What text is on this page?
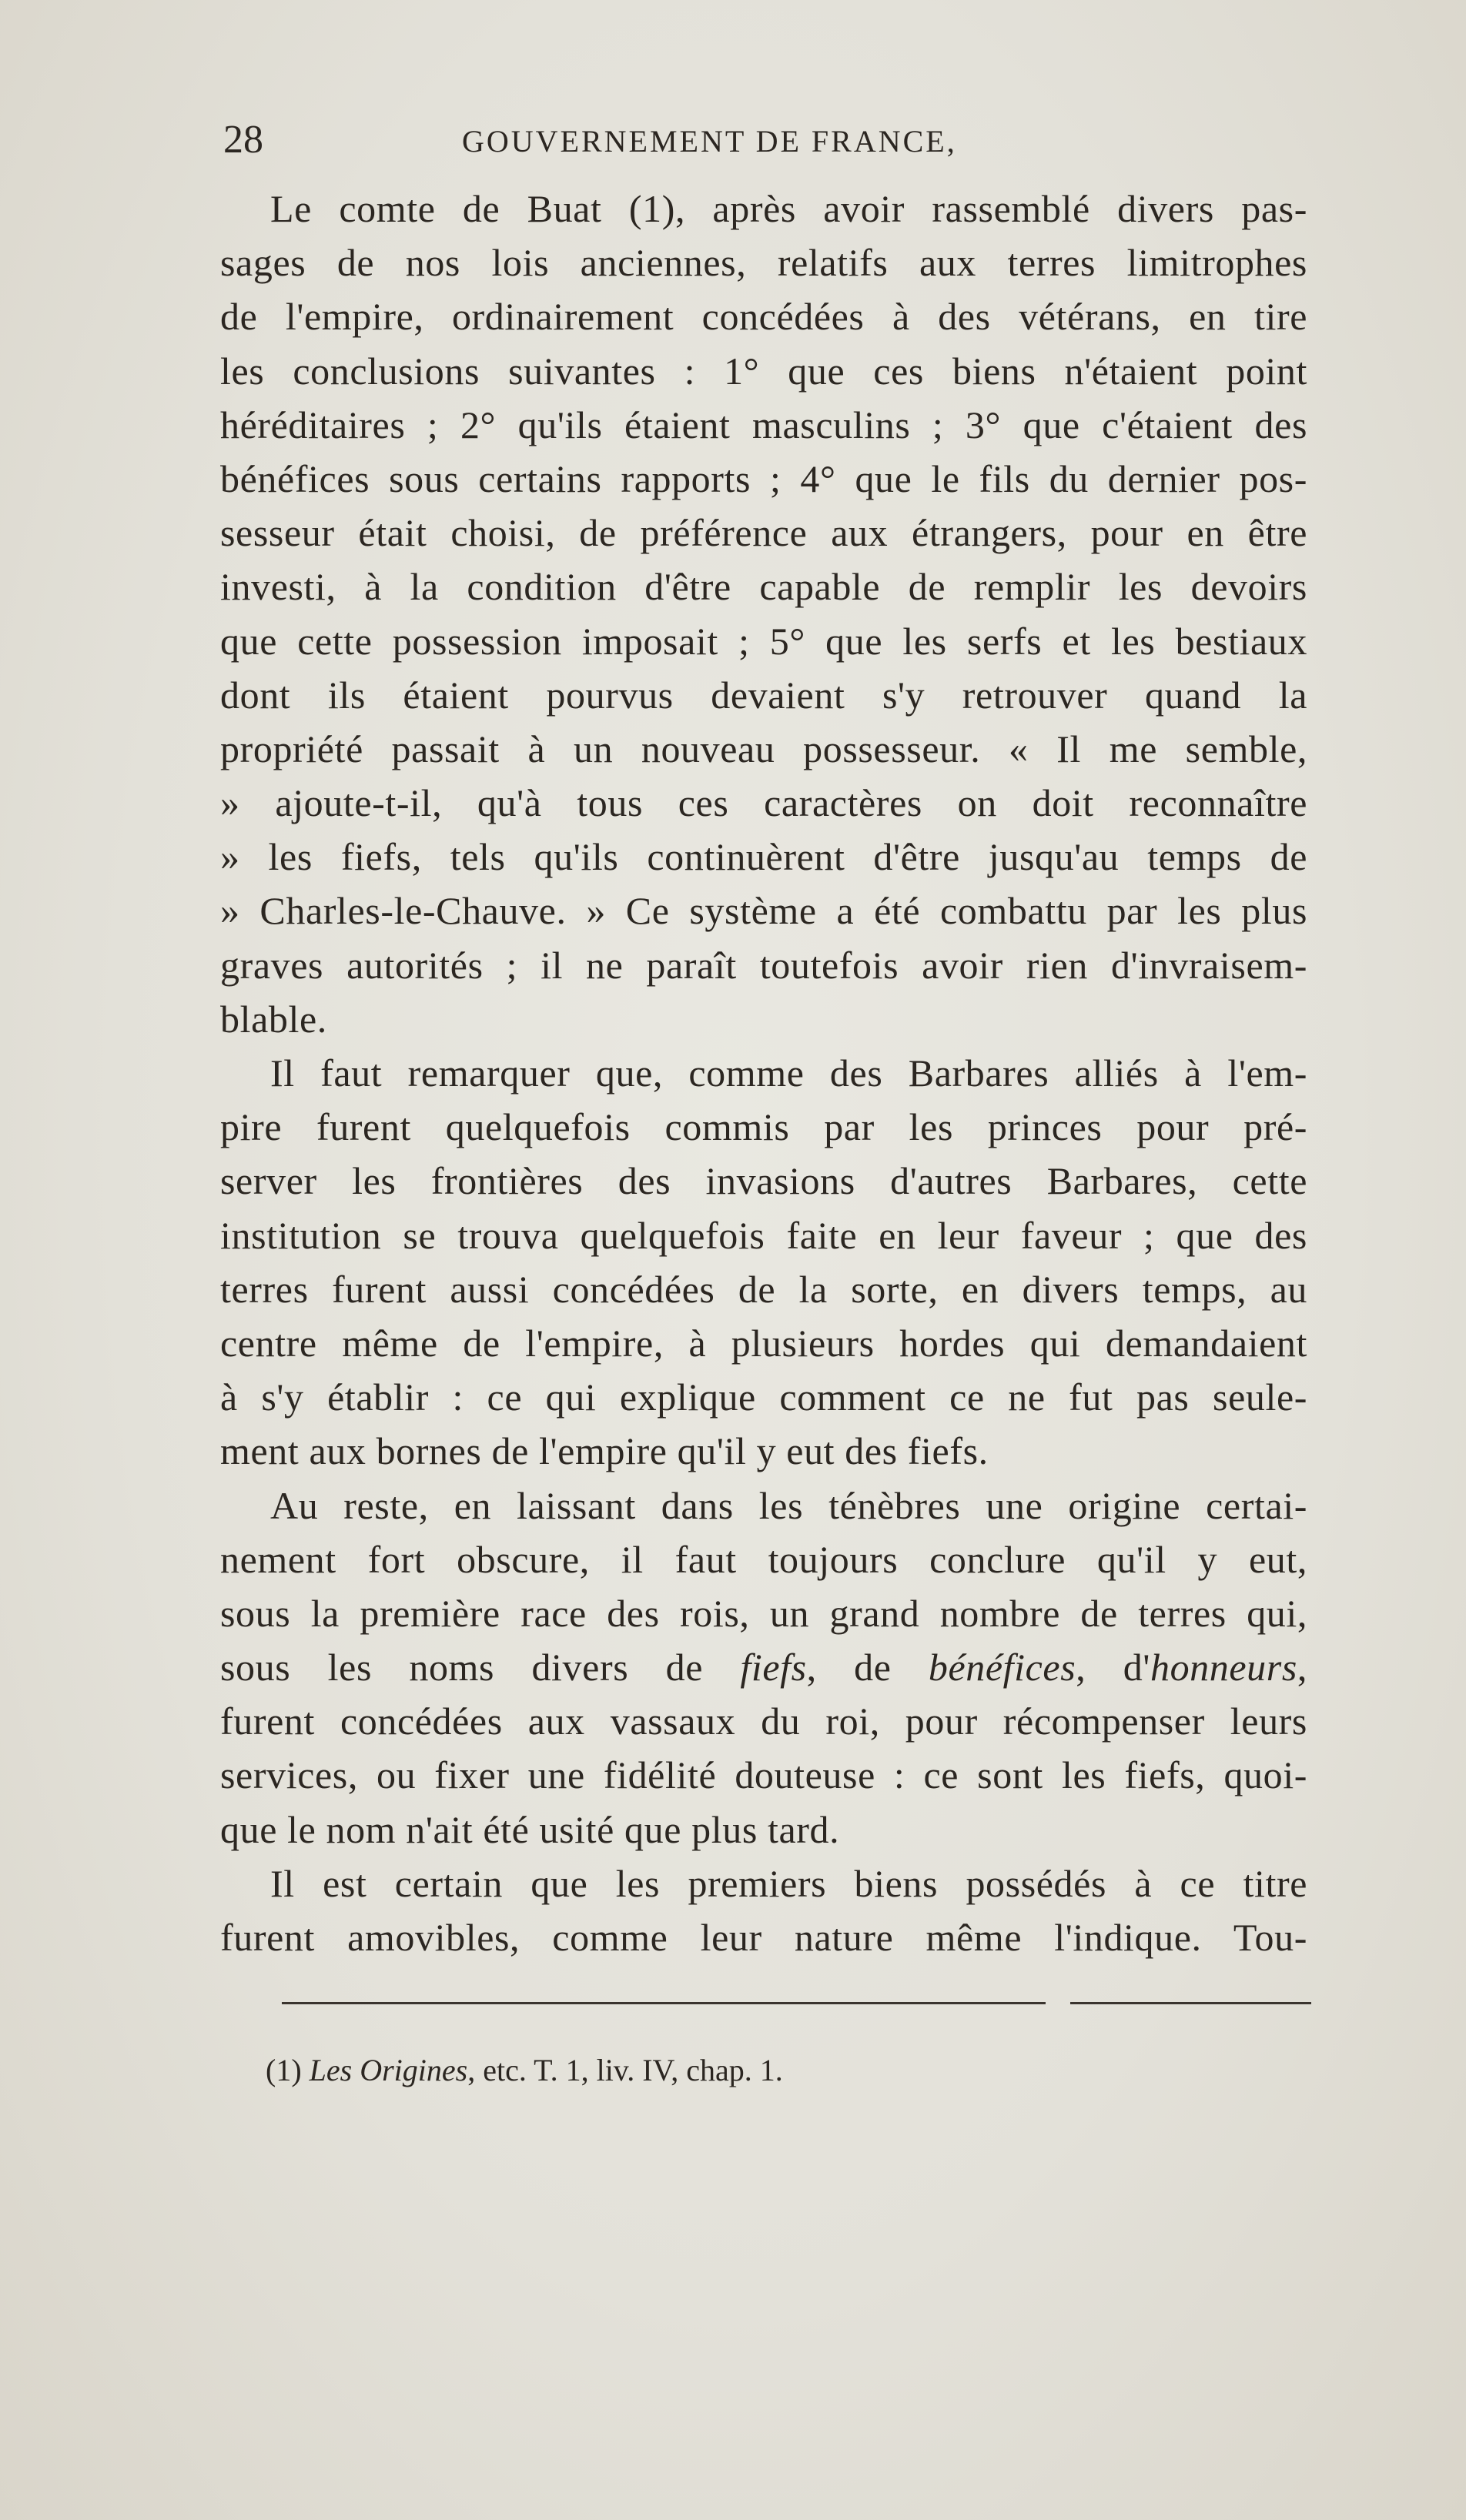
28	GOUVERNEMENT DE FRANCE,
Le comte de Buat (1), après avoir rassemblé divers pas-
sages de nos lois anciennes, relatifs aux terres limitrophes
de l'empire, ordinairement concédées à des vétérans, en tire
les conclusions suivantes : 1° que ces biens n'étaient point
héréditaires ; 2° qu'ils étaient masculins ; 3° que c'étaient des
bénéfices sous certains rapports ; 4° que le fils du dernier pos-
sesseur était choisi, de préférence aux étrangers, pour en être
investi, à la condition d'être capable de remplir les devoirs
que cette possession imposait ; 5° que les serfs et les bestiaux
dont ils étaient pourvus devaient s'y retrouver quand la
propriété passait à un nouveau possesseur. « Il me semble,
» ajoute-t-il, qu'à tous ces caractères on doit reconnaître
» les fiefs, tels qu'ils continuèrent d'être jusqu'au temps de
» Charles-le-Chauve. » Ce système a été combattu par les plus
graves autorités ; il ne paraît toutefois avoir rien d'invraisem-
blable.
Il faut remarquer que, comme des Barbares alliés à l'em-
pire furent quelquefois commis par les princes pour pré-
server les frontières des invasions d'autres Barbares, cette
institution se trouva quelquefois faite en leur faveur ; que des
terres furent aussi concédées de la sorte, en divers temps, au
centre même de l'empire, à plusieurs hordes qui demandaient
à s'y établir : ce qui explique comment ce ne fut pas seule-
ment aux bornes de l'empire qu'il y eut des fiefs.
Au reste, en laissant dans les ténèbres une origine certai-
nement fort obscure, il faut toujours conclure qu'il y eut,
sous la première race des rois, un grand nombre de terres qui,
sous les noms divers de fiefs, de bénéfices, d'honneurs,
furent concédées aux vassaux du roi, pour récompenser leurs
services, ou fixer une fidélité douteuse : ce sont les fiefs, quoi-
que le nom n'ait été usité que plus tard.
Il est certain que les premiers biens possédés à ce titre
furent amovibles, comme leur nature même l'indique. Tou-
(1) Les Origines, etc. T. 1, liv. IV, chap. 1.
